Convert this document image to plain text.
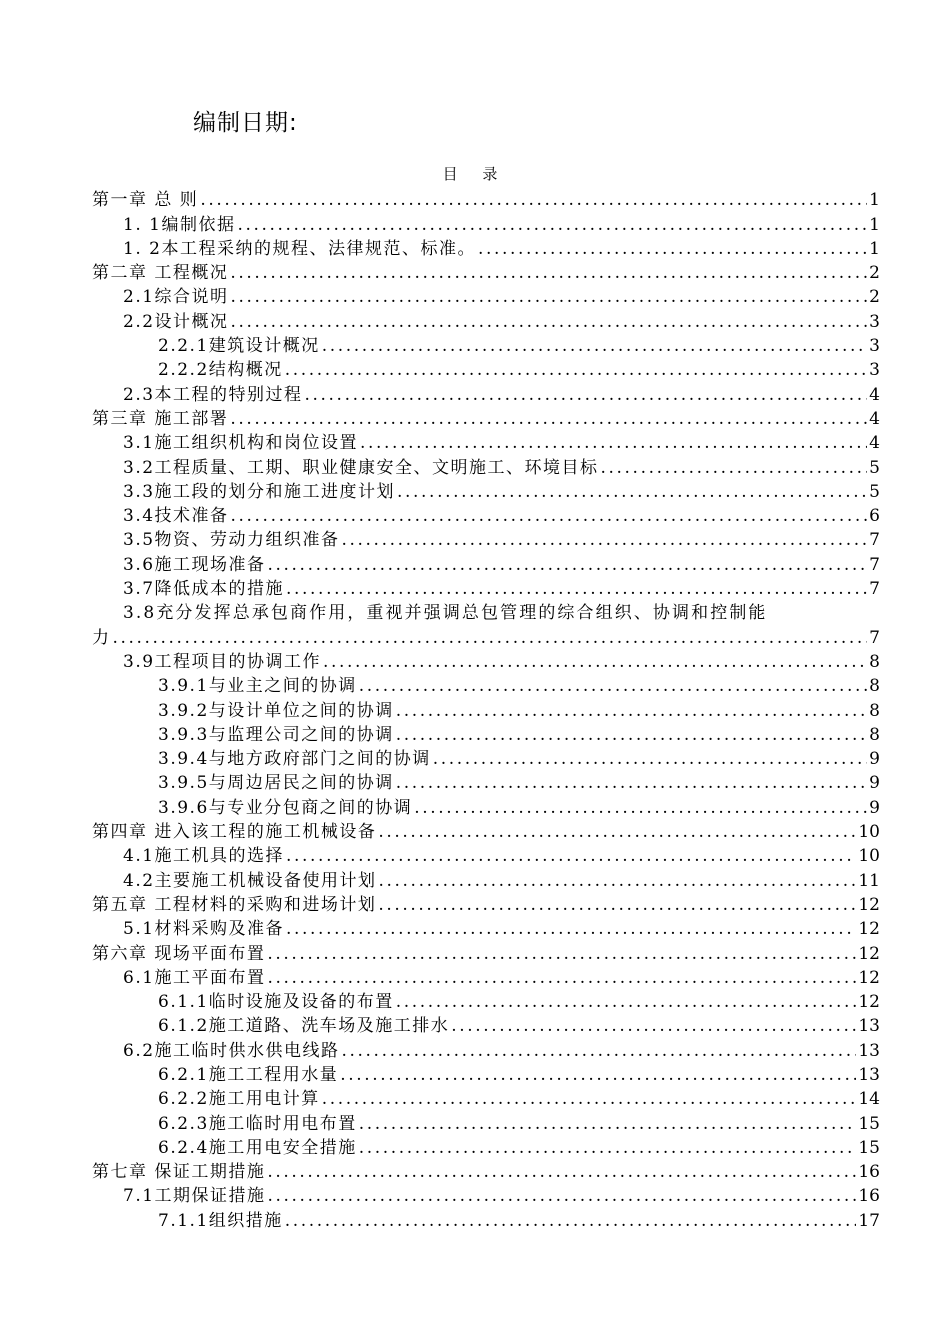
编制日期:
目 录
第一章 总 则 .....	1
1. 1编制依据 .....	1
1. 2本工程采纳的规程、法律规范、标准。 .....	1
第二章 工程概况 .....	2
2.1综合说明 .....	2
2.2设计概况 .....	3
2.2.1建筑设计概况 .....	3
2.2.2结构概况 .....	3
2.3本工程的特别过程 .....	4
第三章 施工部署 .....	4
3.1施工组织机构和岗位设置 .....	4
3.2工程质量、工期、职业健康安全、文明施工、环境目标 .....	5
3.3施工段的划分和施工进度计划 .....	5
3.4技术准备 .....	6
3.5物资、劳动力组织准备 .....	7
3.6施工现场准备 .....	7
3.7降低成本的措施 .....	7
3.8充分发挥总承包商作用，重视并强调总包管理的综合组织、协调和控制能
力 .....	7
3.9工程项目的协调工作 .....	8
3.9.1与业主之间的协调 .....	8
3.9.2与设计单位之间的协调 .....	8
3.9.3与监理公司之间的协调 .....	8
3.9.4与地方政府部门之间的协调 .....	9
3.9.5与周边居民之间的协调 .....	9
3.9.6与专业分包商之间的协调 .....	9
第四章 进入该工程的施工机械设备 .....	10
4.1施工机具的选择 .....	10
4.2主要施工机械设备使用计划 .....	11
第五章 工程材料的采购和进场计划 .....	12
5.1材料采购及准备 .....	12
第六章 现场平面布置 .....	12
6.1施工平面布置 .....	12
6.1.1临时设施及设备的布置 .....	12
6.1.2施工道路、洗车场及施工排水 .....	13
6.2施工临时供水供电线路 .....	13
6.2.1施工工程用水量 .....	13
6.2.2施工用电计算 .....	14
6.2.3施工临时用电布置 .....	15
6.2.4施工用电安全措施 .....	15
第七章 保证工期措施 .....	16
7.1工期保证措施 .....	16
7.1.1组织措施 .....	17
